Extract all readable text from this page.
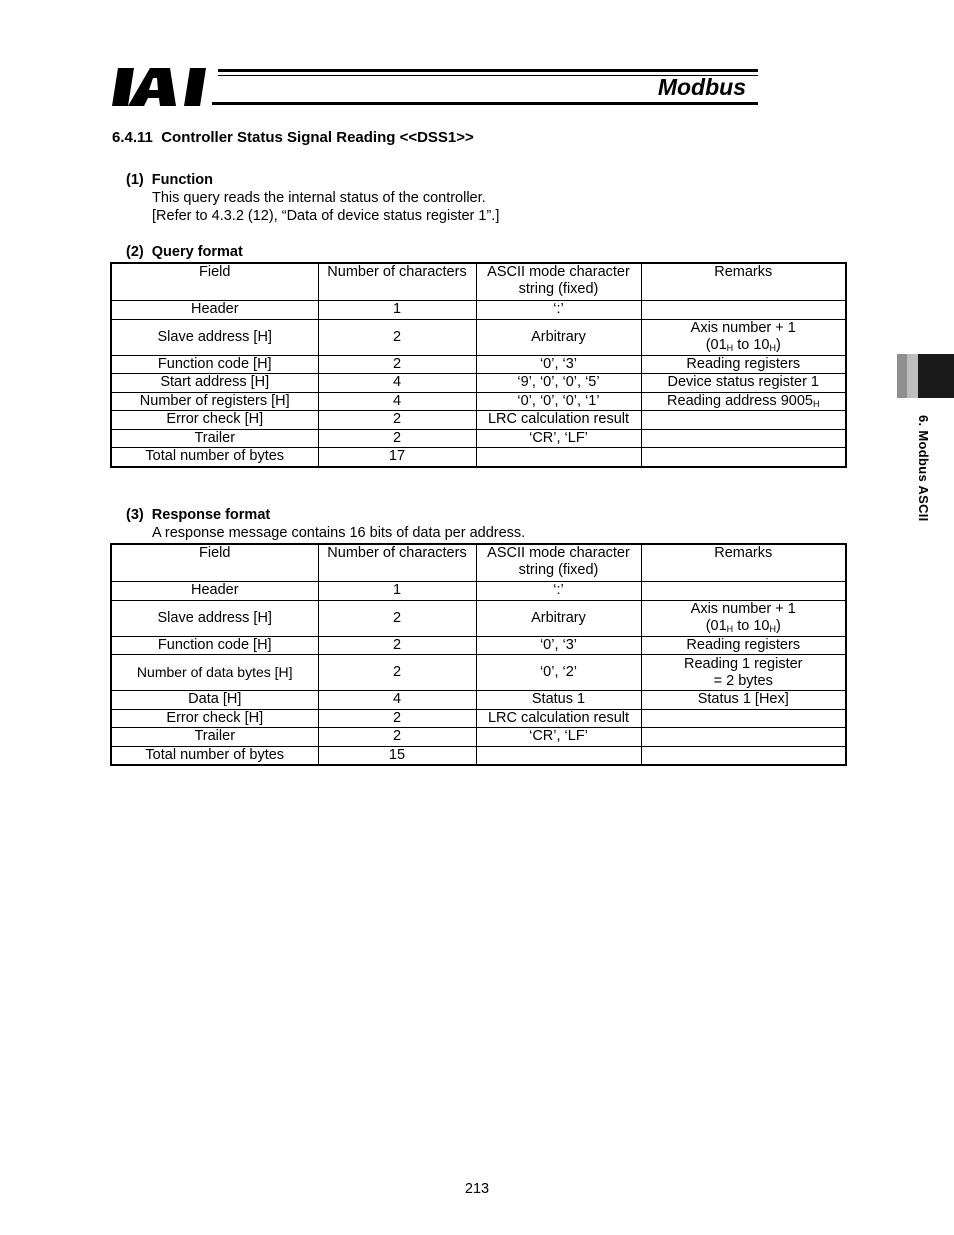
Modbus
6. Modbus ASCII
6.4.11  Controller Status Signal Reading <<DSS1>>
(1)  Function
This query reads the internal status of the controller.
[Refer to 4.3.2 (12), “Data of device status register 1”.]
(2)  Query format
Field	Number of characters	ASCII mode character
string (fixed)	Remarks
Header	1	‘:’	
Slave address [H]	2	Arbitrary	Axis number + 1
($01_H$ to $10_H$)
Function code [H]	2	‘0’, ‘3’	Reading registers
Start address [H]	4	‘9’, ‘0’, ‘0’, ‘5’	Device status register 1
Number of registers [H]	4	‘0’, ‘0’, ‘0’, ‘1’	Reading address $9005_H$
Error check [H]	2	LRC calculation result	
Trailer	2	‘CR’, ‘LF’	
Total number of bytes	17		
(3)  Response format
A response message contains 16 bits of data per address.
Field	Number of characters	ASCII mode character
string (fixed)	Remarks
Header	1	‘:’	
Slave address [H]	2	Arbitrary	Axis number + 1
($01_H$ to $10_H$)
Function code [H]	2	‘0’, ‘3’	Reading registers
Number of data bytes [H]	2	‘0’, ‘2’	Reading 1 register
= 2 bytes
Data [H]	4	Status 1	Status 1 [Hex]
Error check [H]	2	LRC calculation result	
Trailer	2	‘CR’, ‘LF’	
Total number of bytes	15		
213
